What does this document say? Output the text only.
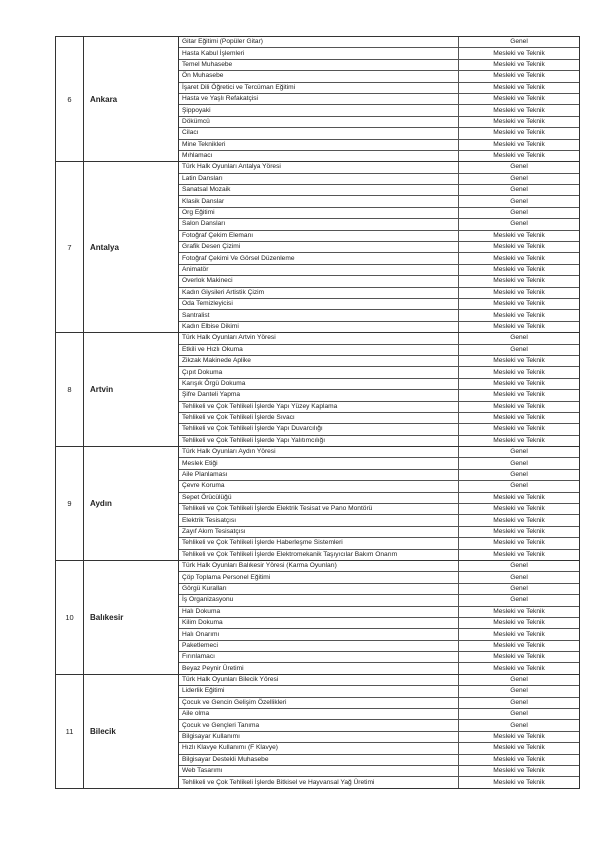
6	Ankara	
Gitar Eğitimi (Popüler Gitar)	Genel
Hasta Kabul İşlemleri	Mesleki ve Teknik
Temel Muhasebe	Mesleki ve Teknik
Ön Muhasebe	Mesleki ve Teknik
İşaret Dili Öğretici ve Tercüman Eğitimi	Mesleki ve Teknik
Hasta ve Yaşlı Refakatçisi	Mesleki ve Teknik
Şippoyaki	Mesleki ve Teknik
Dökümcü	Mesleki ve Teknik
Cilacı	Mesleki ve Teknik
Mine Teknikleri	Mesleki ve Teknik
Mıhlamacı	Mesleki ve Teknik

7	Antalya	
Türk Halk Oyunları Antalya Yöresi	Genel
Latin Dansları	Genel
Sanatsal Mozaik	Genel
Klasik Danslar	Genel
Org Eğitimi	Genel
Salon Dansları	Genel
Fotoğraf Çekim Elemanı	Mesleki ve Teknik
Grafik Desen Çizimi	Mesleki ve Teknik
Fotoğraf Çekimi Ve Görsel Düzenleme	Mesleki ve Teknik
Animatör	Mesleki ve Teknik
Overlok Makineci	Mesleki ve Teknik
Kadın Giysileri Artistik Çizim	Mesleki ve Teknik
Oda Temizleyicisi	Mesleki ve Teknik
Santralist	Mesleki ve Teknik
Kadın Elbise Dikimi	Mesleki ve Teknik

8	Artvin	
Türk Halk Oyunları Artvin Yöresi	Genel
Etkili ve Hızlı Okuma	Genel
Zikzak Makinede Aplike	Mesleki ve Teknik
Çıpıt Dokuma	Mesleki ve Teknik
Karışık Örgü Dokuma	Mesleki ve Teknik
Şifre Danteli Yapma	Mesleki ve Teknik
Tehlikeli ve Çok Tehlikeli İşlerde Yapı Yüzey Kaplama	Mesleki ve Teknik
Tehlikeli ve Çok Tehlikeli İşlerde Sıvacı	Mesleki ve Teknik
Tehlikeli ve Çok Tehlikeli İşlerde Yapı Duvarcılığı	Mesleki ve Teknik
Tehlikeli ve Çok Tehlikeli İşlerde Yapı Yalıtımcılığı	Mesleki ve Teknik

9	Aydın	
Türk Halk Oyunları Aydın Yöresi	Genel
Meslek Etiği	Genel
Aile Planlaması	Genel
Çevre Koruma	Genel
Sepet Örücülüğü	Mesleki ve Teknik
Tehlikeli ve Çok Tehlikeli İşlerde Elektrik Tesisat ve Pano Montörü	Mesleki ve Teknik
Elektrik Tesisatçısı	Mesleki ve Teknik
Zayıf Akım Tesisatçısı	Mesleki ve Teknik
Tehlikeli ve Çok Tehlikeli İşlerde Haberleşme Sistemleri	Mesleki ve Teknik
Tehlikeli ve Çok Tehlikeli İşlerde Elektromekanik Taşıyıcılar Bakım Onarım	Mesleki ve Teknik

10	Balıkesir	
Türk Halk Oyunları Balıkesir Yöresi (Karma Oyunları)	Genel
Çöp Toplama Personel Eğitimi	Genel
Görgü Kuralları	Genel
İş Organizasyonu	Genel
Halı Dokuma	Mesleki ve Teknik
Kilim Dokuma	Mesleki ve Teknik
Halı Onarımı	Mesleki ve Teknik
Paketlemeci	Mesleki ve Teknik
Fırınlamacı	Mesleki ve Teknik
Beyaz Peynir Üretimi	Mesleki ve Teknik

11	Bilecik	
Türk Halk Oyunları Bilecik Yöresi	Genel
Liderlik Eğitimi	Genel
Çocuk ve Gencin Gelişim Özellikleri	Genel
Aile olma	Genel
Çocuk ve Gençleri Tanıma	Genel
Bilgisayar Kullanımı	Mesleki ve Teknik
Hızlı Klavye Kullanımı (F Klavye)	Mesleki ve Teknik
Bilgisayar Destekli Muhasebe	Mesleki ve Teknik
Web Tasarımı	Mesleki ve Teknik
Tehlikeli ve Çok Tehlikeli İşlerde Bitkisel ve Hayvansal Yağ Üretimi	Mesleki ve Teknik
